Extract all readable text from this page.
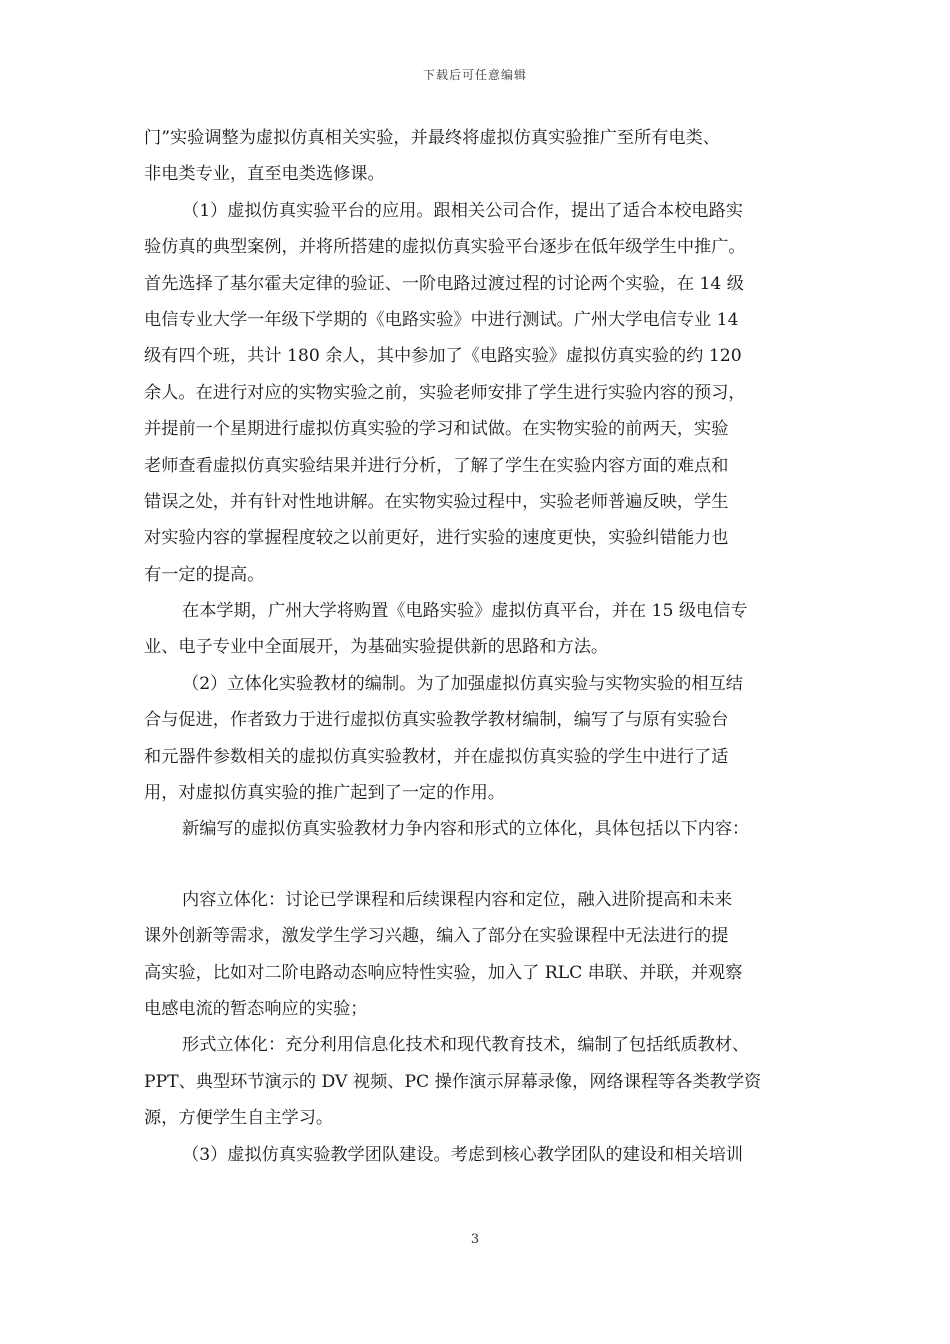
下载后可任意编辑
门”实验调整为虚拟仿真相关实验，并最终将虚拟仿真实验推广至所有电类、
非电类专业，直至电类选修课。
（1）虚拟仿真实验平台的应用。跟相关公司合作，提出了适合本校电路实
验仿真的典型案例，并将所搭建的虚拟仿真实验平台逐步在低年级学生中推广。
首先选择了基尔霍夫定律的验证、一阶电路过渡过程的讨论两个实验，在 14 级
电信专业大学一年级下学期的《电路实验》中进行测试。广州大学电信专业 14
级有四个班，共计 180 余人，其中参加了《电路实验》虚拟仿真实验的约 120
余人。在进行对应的实物实验之前，实验老师安排了学生进行实验内容的预习，
并提前一个星期进行虚拟仿真实验的学习和试做。在实物实验的前两天，实验
老师查看虚拟仿真实验结果并进行分析，了解了学生在实验内容方面的难点和
错误之处，并有针对性地讲解。在实物实验过程中，实验老师普遍反映，学生
对实验内容的掌握程度较之以前更好，进行实验的速度更快，实验纠错能力也
有一定的提高。
在本学期，广州大学将购置《电路实验》虚拟仿真平台，并在 15 级电信专
业、电子专业中全面展开，为基础实验提供新的思路和方法。
（2）立体化实验教材的编制。为了加强虚拟仿真实验与实物实验的相互结
合与促进，作者致力于进行虚拟仿真实验教学教材编制，编写了与原有实验台
和元器件参数相关的虚拟仿真实验教材，并在虚拟仿真实验的学生中进行了适
用，对虚拟仿真实验的推广起到了一定的作用。
新编写的虚拟仿真实验教材力争内容和形式的立体化，具体包括以下内容：
内容立体化：讨论已学课程和后续课程内容和定位，融入进阶提高和未来
课外创新等需求，激发学生学习兴趣，编入了部分在实验课程中无法进行的提
高实验，比如对二阶电路动态响应特性实验，加入了 RLC 串联、并联，并观察
电感电流的暂态响应的实验；
形式立体化：充分利用信息化技术和现代教育技术，编制了包括纸质教材、
PPT、典型环节演示的 DV 视频、PC 操作演示屏幕录像，网络课程等各类教学资
源，方便学生自主学习。
（3）虚拟仿真实验教学团队建设。考虑到核心教学团队的建设和相关培训
3
